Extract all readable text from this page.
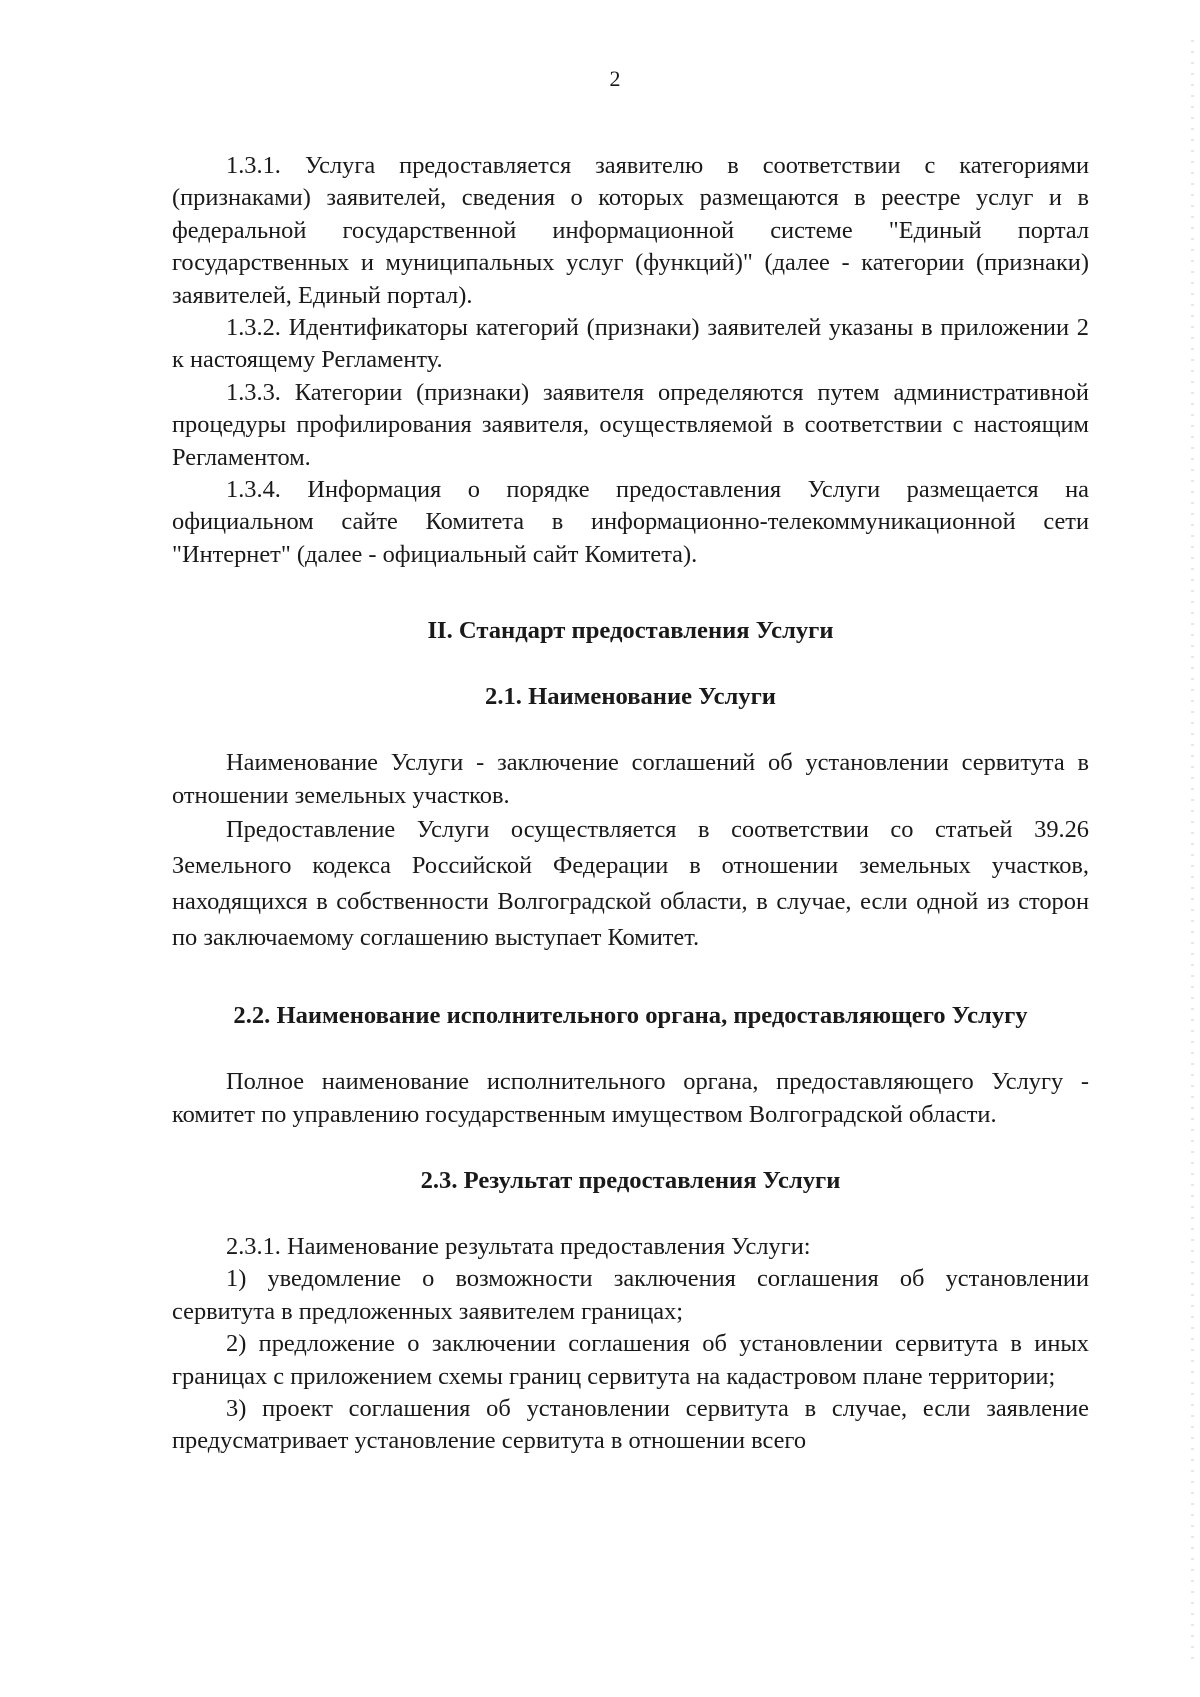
2

1.3.1. Услуга предоставляется заявителю в соответствии с категориями (признаками) заявителей, сведения о которых размещаются в реестре услуг и в федеральной государственной информационной системе "Единый портал государственных и муниципальных услуг (функций)" (далее - категории (признаки) заявителей, Единый портал).

1.3.2. Идентификаторы категорий (признаки) заявителей указаны в приложении 2 к настоящему Регламенту.

1.3.3. Категории (признаки) заявителя определяются путем административной процедуры профилирования заявителя, осуществляемой в соответствии с настоящим Регламентом.

1.3.4. Информация о порядке предоставления Услуги размещается на официальном сайте Комитета в информационно-телекоммуникационной сети "Интернет" (далее - официальный сайт Комитета).

II. Стандарт предоставления Услуги
2.1. Наименование Услуги

Наименование Услуги - заключение соглашений об установлении сервитута в отношении земельных участков.

Предоставление Услуги осуществляется в соответствии со статьей 39.26 Земельного кодекса Российской Федерации в отношении земельных участков, находящихся в собственности Волгоградской области, в случае, если одной из сторон по заключаемому соглашению выступает Комитет.

2.2. Наименование исполнительного органа, предоставляющего Услугу

Полное наименование исполнительного органа, предоставляющего Услугу - комитет по управлению государственным имуществом Волгоградской области.

2.3. Результат предоставления Услуги

2.3.1. Наименование результата предоставления Услуги:

1) уведомление о возможности заключения соглашения об установлении сервитута в предложенных заявителем границах;

2) предложение о заключении соглашения об установлении сервитута в иных границах с приложением схемы границ сервитута на кадастровом плане территории;

3) проект соглашения об установлении сервитута в случае, если заявление предусматривает установление сервитута в отношении всего
